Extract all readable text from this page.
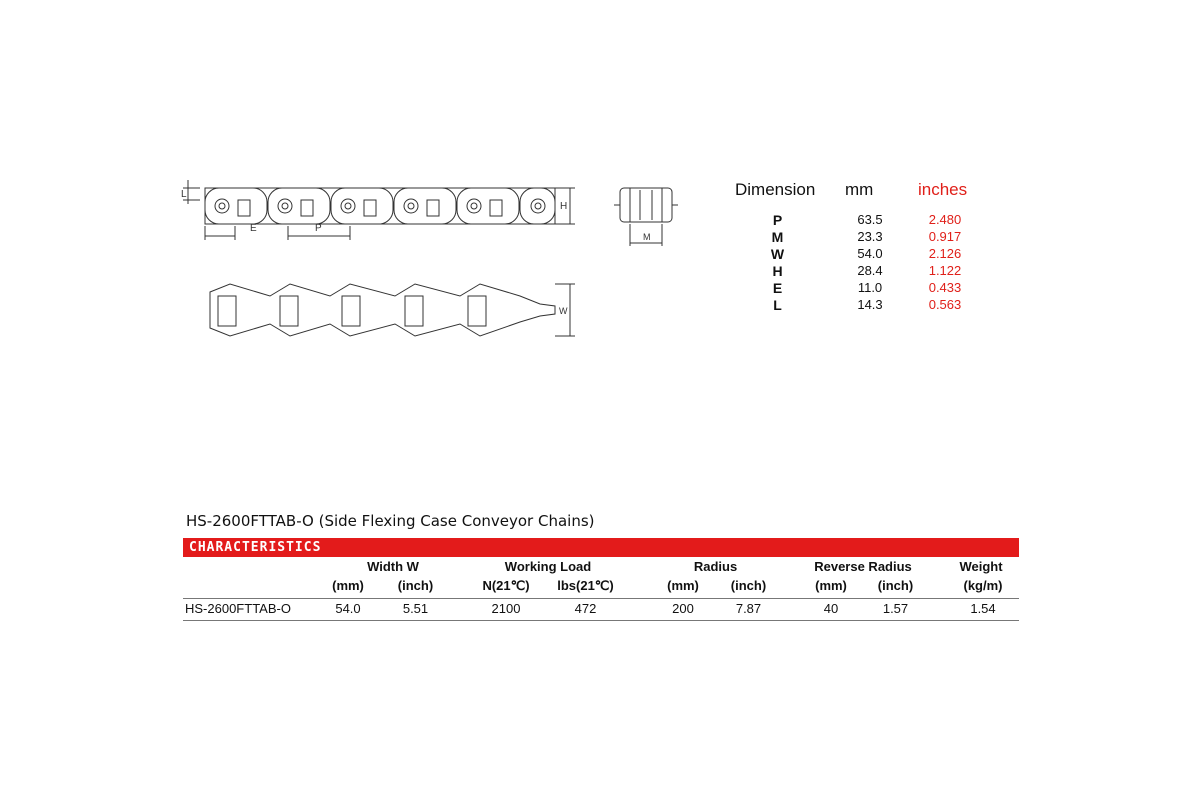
L
E	P
H
M
W
Dimension mm	inches
P	63.5	2.480
M	23.3	0.917
W	54.0	2.126
H	28.4	1.122
E	11.0	0.433
L	14.3	0.563
HS-2600FTTAB-O (Side Flexing Case Conveyor Chains)
CHARACTERISTICS
Width W	Working Load	Radius	Reverse Radius	Weight
(mm)	(inch)	N(21℃)	lbs(21℃)	(mm)	(inch)	(mm)	(inch)	(kg/m)
HS-2600FTTAB-O	54.0	5.51	2100	472	200	7.87	40	1.57	1.54
